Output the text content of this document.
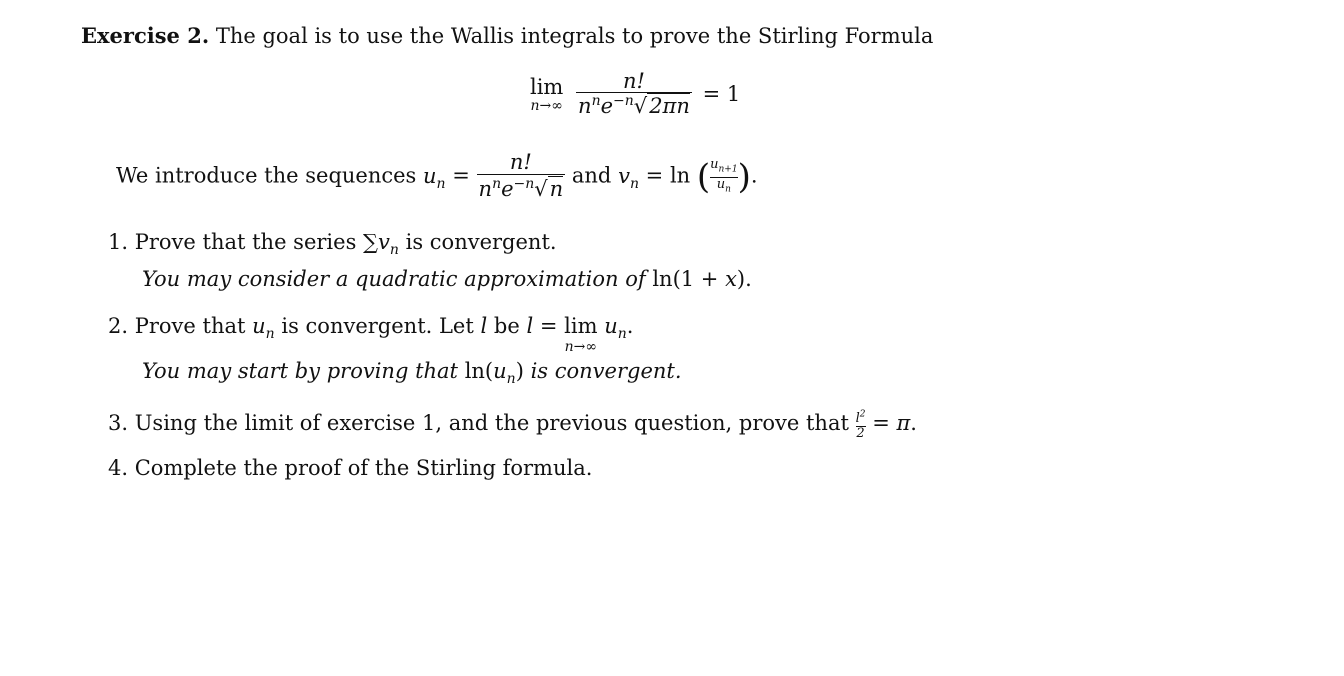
Exercise 2. The goal is to use the Wallis integrals to prove the Stirling Formula
lim
n→∞
$\frac{n!}{n^ne^{-n}√2\pi n} = 1$
We introduce the sequences $u_n = \frac{n!}{n^ne^{-n}√n}$ and $v_n = \ln (\frac{u_{n+1}}{u_n}$ ).
1. Prove that the series $\sum v_n$ is convergent.
You may consider a quadratic approximation of ln(1 + x).
2. Prove that $u_n$ is convergent. Let l be l = lim
n→∞
$u_n$.
You may start by proving that $\ln(u_n)$ is convergent.
3. Using the limit of exercise 1, and the previous question, prove that $\frac{l^2}{2} = \pi$.
4. Complete the proof of the Stirling formula.
